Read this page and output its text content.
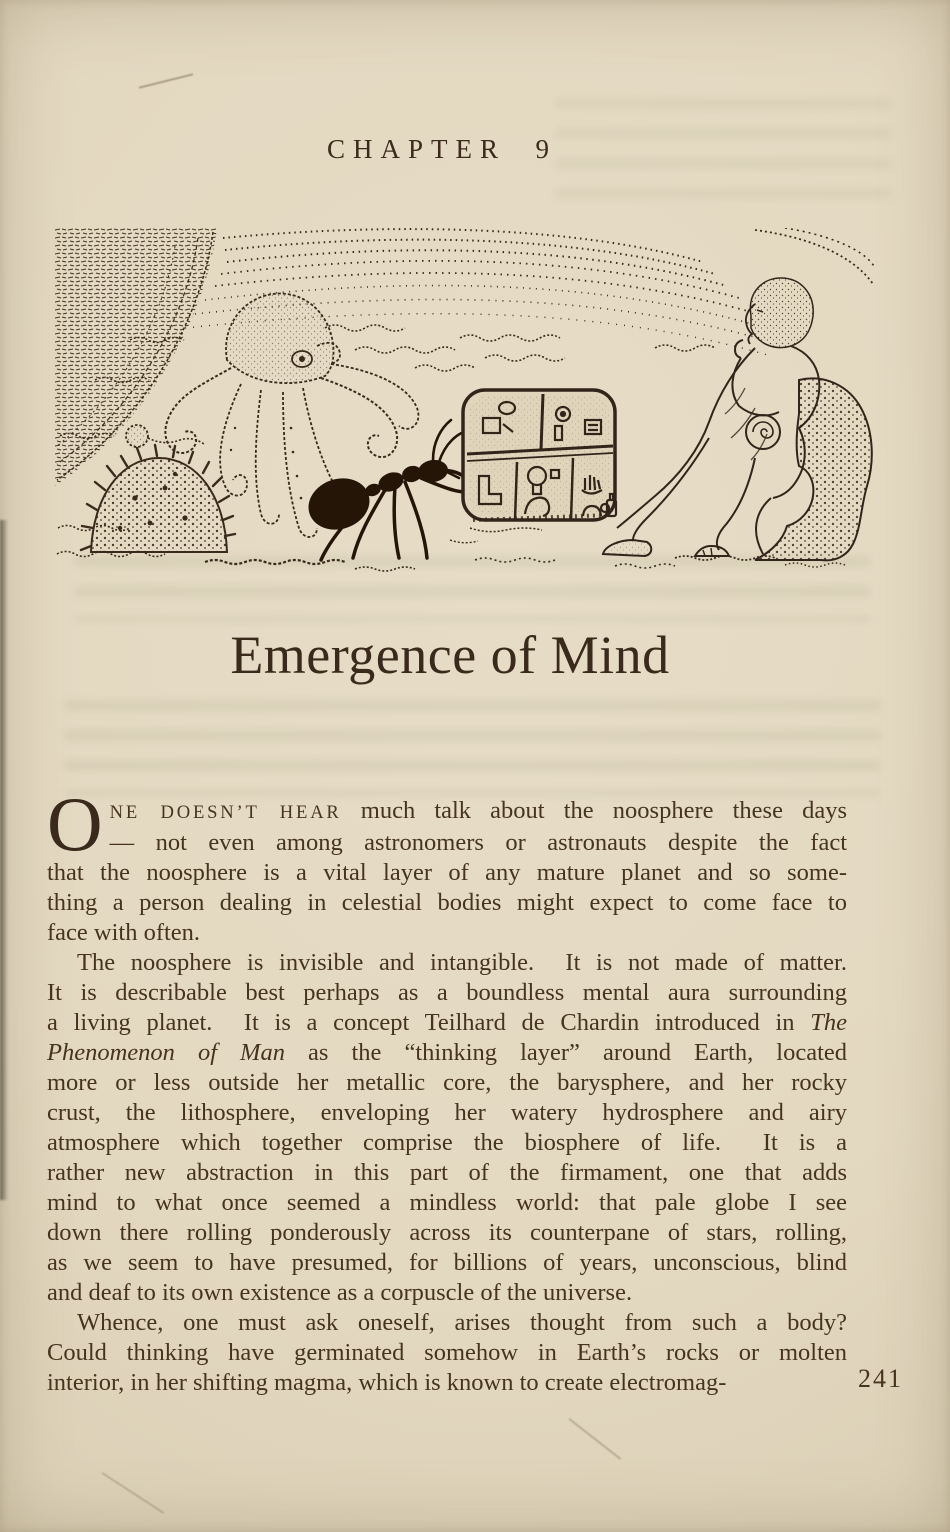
CHAPTER  9
Emergence of Mind
O NE DOESN’T HEAR much talk about the noosphere these days
— not even among astronomers or astronauts despite the fact
that the noosphere is a vital layer of any mature planet and so some-
thing a person dealing in celestial bodies might expect to come face to
face with often.
The noosphere is invisible and intangible.  It is not made of matter.
It is describable best perhaps as a boundless mental aura surrounding
a living planet.  It is a concept Teilhard de Chardin introduced in The
Phenomenon of Man as the “thinking layer” around Earth, located
more or less outside her metallic core, the barysphere, and her rocky
crust, the lithosphere, enveloping her watery hydrosphere and airy
atmosphere which together comprise the biosphere of life.  It is a
rather new abstraction in this part of the firmament, one that adds
mind to what once seemed a mindless world: that pale globe I see
down there rolling ponderously across its counterpane of stars, rolling,
as we seem to have presumed, for billions of years, unconscious, blind
and deaf to its own existence as a corpuscle of the universe.
Whence, one must ask oneself, arises thought from such a body?
Could thinking have germinated somehow in Earth’s rocks or molten
interior, in her shifting magma, which is known to create electromag-	241
